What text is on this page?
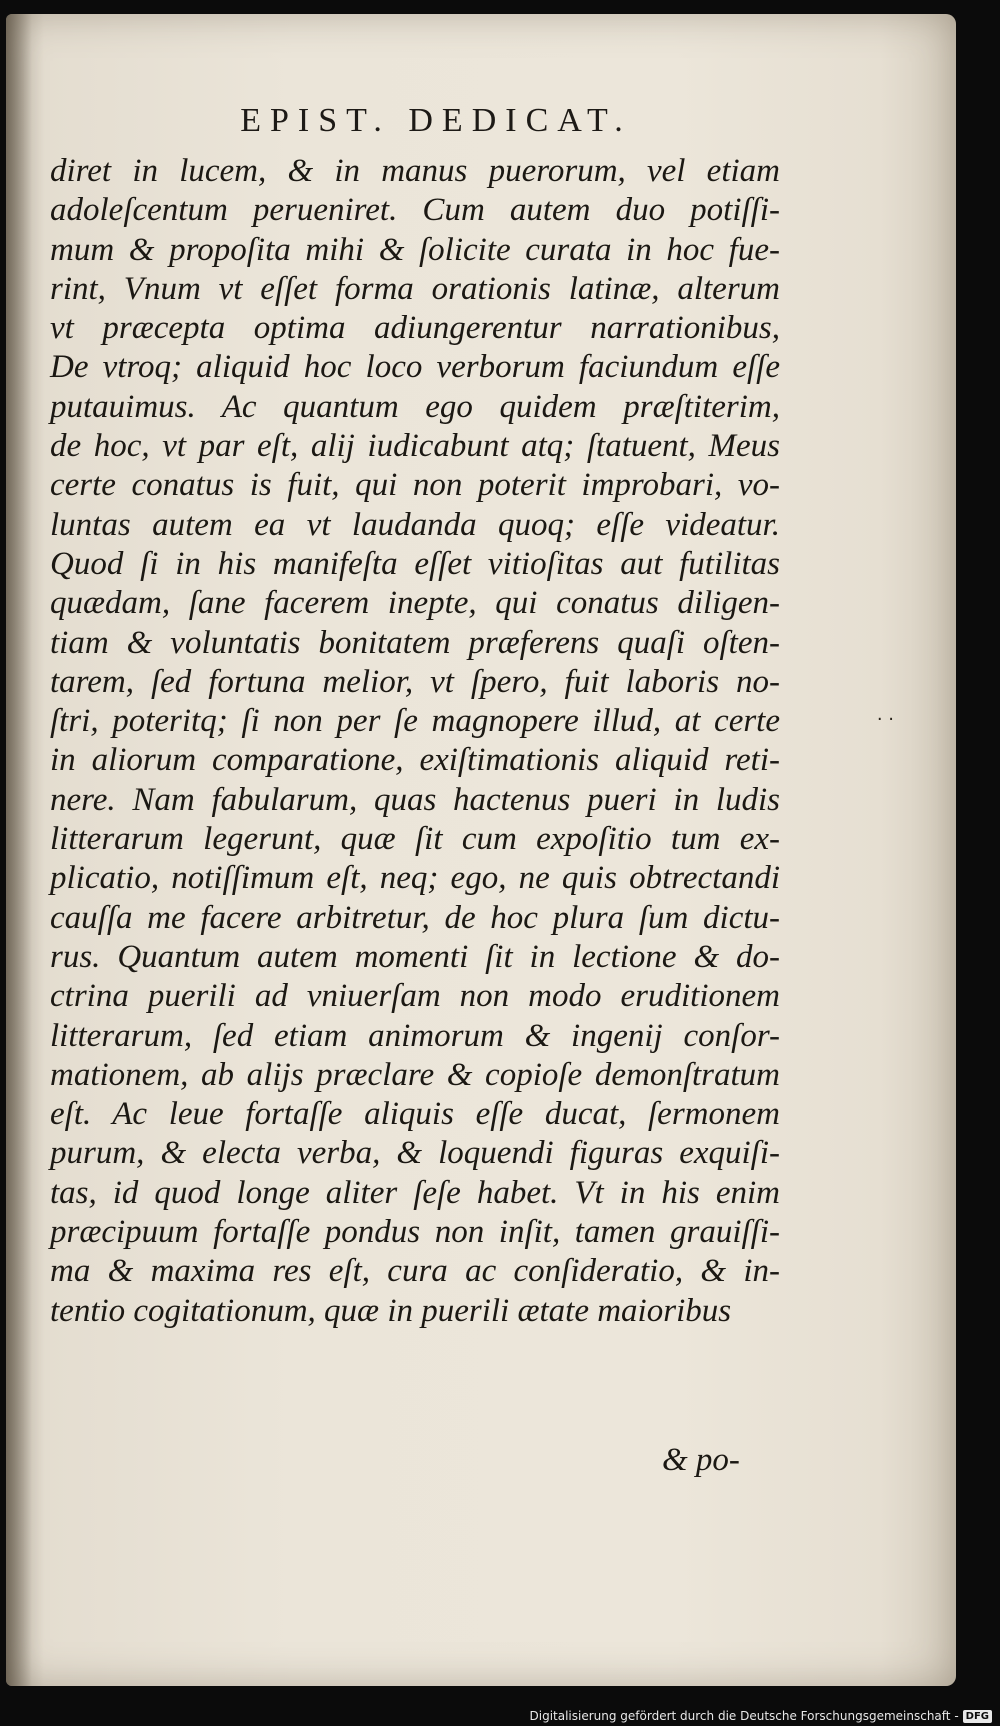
EPIST. DEDICAT.
diret in lucem, & in manus puerorum, vel etiam
adoleſcentum perueniret. Cum autem duo potiſſi-
mum & propoſita mihi & ſolicite curata in hoc fue-
rint, Vnum vt eſſet forma orationis latinæ, alterum
vt præcepta optima adiungerentur narrationibus,
De vtroq; aliquid hoc loco verborum faciundum eſſe
putauimus. Ac quantum ego quidem præſtiterim,
de hoc, vt par eſt, alij iudicabunt atq; ſtatuent, Meus
certe conatus is fuit, qui non poterit improbari, vo-
luntas autem ea vt laudanda quoq; eſſe videatur.
Quod ſi in his manifeſta eſſet vitioſitas aut futilitas
quædam, ſane facerem inepte, qui conatus diligen-
tiam & voluntatis bonitatem præferens quaſi oſten-
tarem, ſed fortuna melior, vt ſpero, fuit laboris no-
ſtri, poteritq; ſi non per ſe magnopere illud, at certe
in aliorum comparatione, exiſtimationis aliquid reti-
nere. Nam fabularum, quas hactenus pueri in ludis
litterarum legerunt, quæ ſit cum expoſitio tum ex-
plicatio, notiſſimum eſt, neq; ego, ne quis obtrectandi
cauſſa me facere arbitretur, de hoc plura ſum dictu-
rus. Quantum autem momenti ſit in lectione & do-
ctrina puerili ad vniuerſam non modo eruditionem
litterarum, ſed etiam animorum & ingenij conſor-
mationem, ab alijs præclare & copioſe demonſtratum
eſt. Ac leue fortaſſe aliquis eſſe ducat, ſermonem
purum, & electa verba, & loquendi figuras exquiſi-
tas, id quod longe aliter ſeſe habet. Vt in his enim
præcipuum fortaſſe pondus non inſit, tamen grauiſſi-
ma & maxima res eſt, cura ac conſideratio, & in-
tentio cogitationum, quæ in puerili ætate maioribus
& po-
· ·
Digitalisierung gefördert durch die Deutsche Forschungsgemeinschaft - DFG
